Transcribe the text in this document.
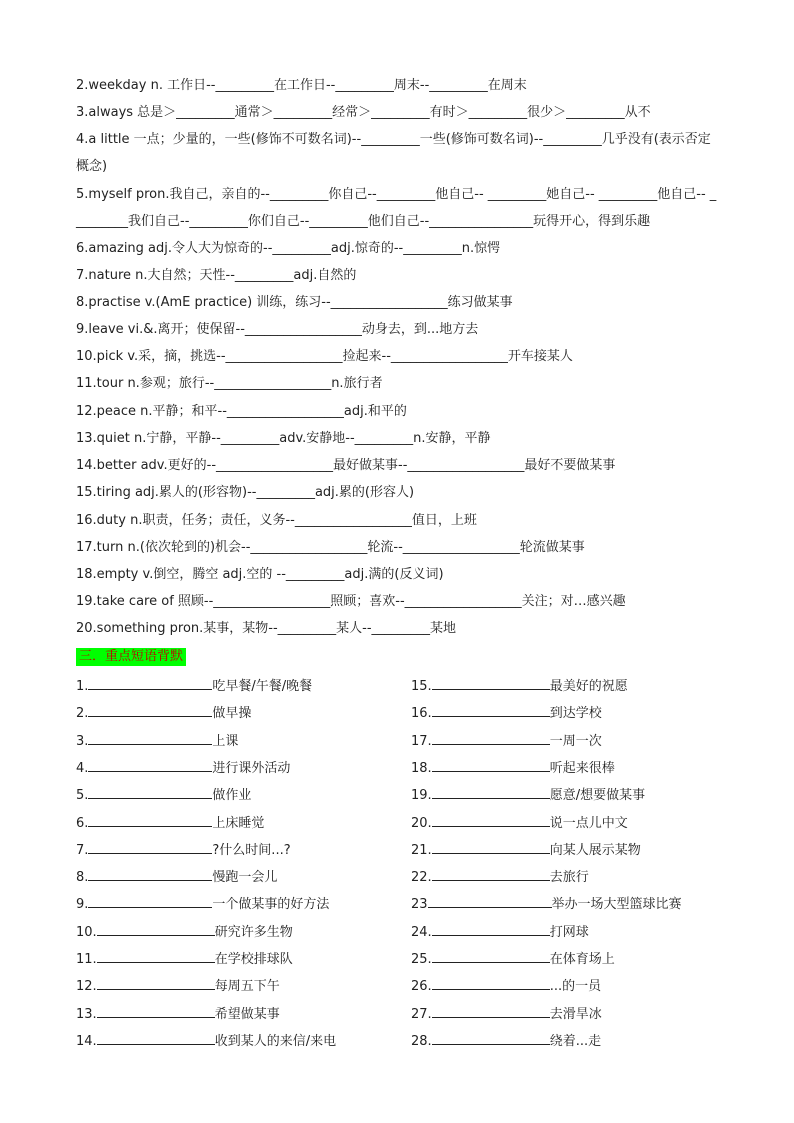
2.weekday n. 工作日--_________在工作日--_________周末--_________在周末
3.always 总是＞_________通常＞_________经常＞_________有时＞_________很少＞_________从不
4.a little 一点；少量的，一些(修饰不可数名词)--_________一些(修饰可数名词)--_________几乎没有(表示否定概念)
5.myself pron.我自己，亲自的--_________你自己--_________他自己-- _________她自己-- _________他自己-- _________我们自己--_________你们自己--_________他们自己--________________玩得开心，得到乐趣
6.amazing adj.令人大为惊奇的--_________adj.惊奇的--_________n.惊愕
7.nature n.大自然；天性--_________adj.自然的
8.practise v.(AmE practice) 训练，练习--__________________练习做某事
9.leave vi.&.离开；使保留--__________________动身去，到...地方去
10.pick v.采，摘，挑选--__________________捡起来--__________________开车接某人
11.tour n.参观；旅行--__________________n.旅行者
12.peace n.平静；和平--__________________adj.和平的
13.quiet n.宁静，平静--_________adv.安静地--_________n.安静，平静
14.better adv.更好的--__________________最好做某事--__________________最好不要做某事
15.tiring adj.累人的(形容物)--_________adj.累的(形容人)
16.duty n.职责，任务；责任，义务--__________________值日，上班
17.turn n.(依次轮到的)机会--__________________轮流--__________________轮流做某事
18.empty v.倒空，腾空 adj.空的 --_________adj.满的(反义词)
19.take care of 照顾--__________________照顾；喜欢--__________________关注；对…感兴趣
20.something pron.某事，某物--_________某人--_________某地
三．重点短语背默
1.	吃早餐/午餐/晚餐
2.	做早操
3.	上课
4.	进行课外活动
5.	做作业
6.	上床睡觉
7.	?什么时间...?
8.	慢跑一会儿
9.	一个做某事的好方法
10.	研究许多生物
11.	在学校排球队
12.	每周五下午
13.	希望做某事
14.	收到某人的来信/来电
15.	最美好的祝愿
16.	到达学校
17.	一周一次
18.	听起来很棒
19.	愿意/想要做某事
20.	说一点儿中文
21.	向某人展示某物
22.	去旅行
23	举办一场大型篮球比赛
24.	打网球
25.	在体育场上
26.	...的一员
27.	去滑旱冰
28.	绕着...走
